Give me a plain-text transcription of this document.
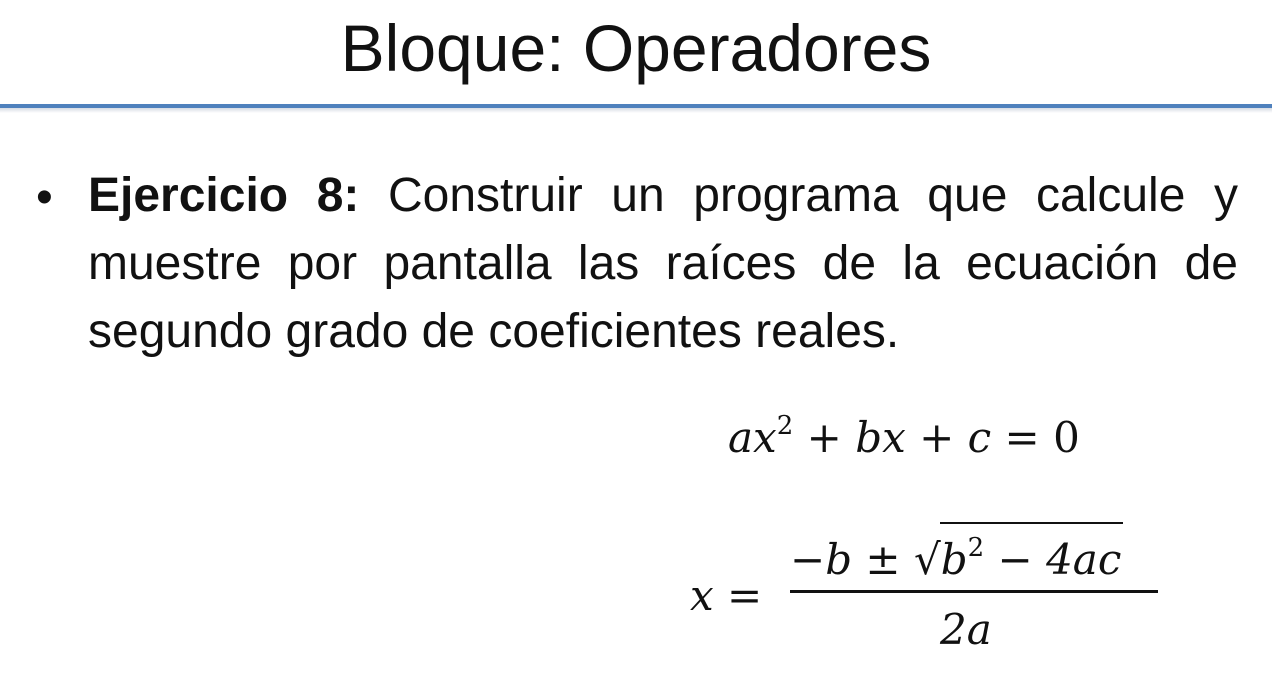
Bloque: Operadores
• Ejercicio 8: Construir un programa que calcule y muestre por pantalla las raíces de la ecuación de segundo grado de coeficientes reales.
$ax^2$ + bx + c = 0
x =
$-b \pm √b^2 - 4ac$
2a
